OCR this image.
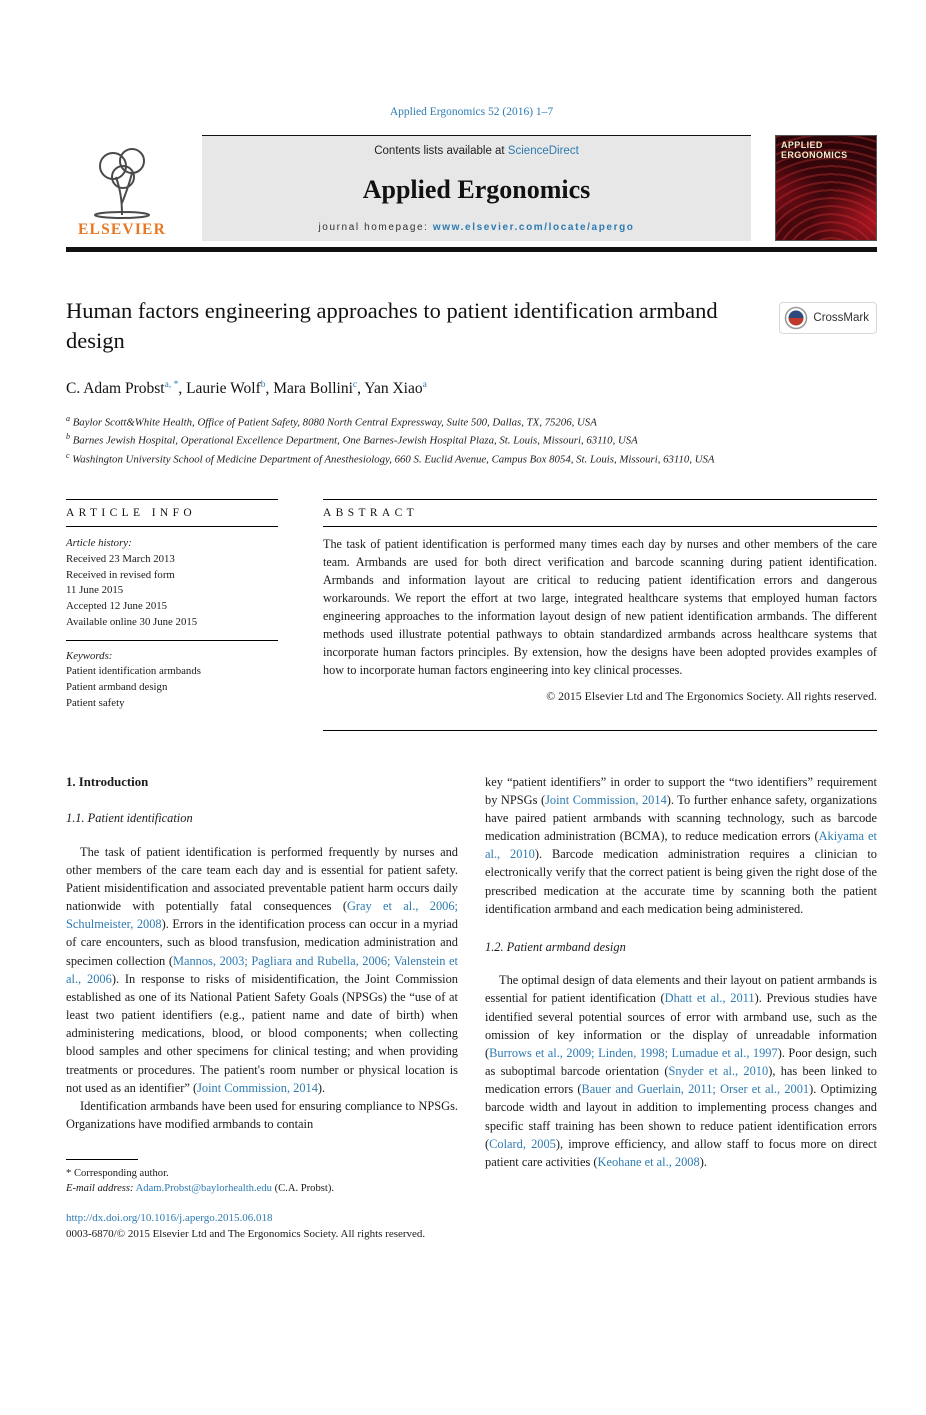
Applied Ergonomics 52 (2016) 1–7
ELSEVIER
Contents lists available at ScienceDirect
Applied Ergonomics
journal homepage: www.elsevier.com/locate/apergo
APPLIED
ERGONOMICS
Human factors engineering approaches to patient identification armband design
CrossMark
C. Adam Probst$^{a, *}$, Laurie Wolf$^b$, Mara Bollini$^c$, Yan Xiao$^a$
$^a$ Baylor Scott&White Health, Office of Patient Safety, 8080 North Central Expressway, Suite 500, Dallas, TX, 75206, USA
$^b$ Barnes Jewish Hospital, Operational Excellence Department, One Barnes-Jewish Hospital Plaza, St. Louis, Missouri, 63110, USA
$^c$ Washington University School of Medicine Department of Anesthesiology, 660 S. Euclid Avenue, Campus Box 8054, St. Louis, Missouri, 63110, USA
ARTICLE INFO
Article history:
Received 23 March 2013
Received in revised form
11 June 2015
Accepted 12 June 2015
Available online 30 June 2015
Keywords:
Patient identification armbands
Patient armband design
Patient safety
ABSTRACT

The task of patient identification is performed many times each day by nurses and other members of the care team. Armbands are used for both direct verification and barcode scanning during patient identification. Armbands and information layout are critical to reducing patient identification errors and dangerous workarounds. We report the effort at two large, integrated healthcare systems that employed human factors engineering approaches to the information layout design of new patient identification armbands. The different methods used illustrate potential pathways to obtain standardized armbands across healthcare systems that incorporate human factors principles. By extension, how the designs have been adopted provides examples of how to incorporate human factors engineering into key clinical processes.

© 2015 Elsevier Ltd and The Ergonomics Society. All rights reserved.
1. Introduction
1.1. Patient identification

The task of patient identification is performed frequently by nurses and other members of the care team each day and is essential for patient safety. Patient misidentification and associated preventable patient harm occurs daily nationwide with potentially fatal consequences (Gray et al., 2006; Schulmeister, 2008). Errors in the identification process can occur in a myriad of care encounters, such as blood transfusion, medication administration and specimen collection (Mannos, 2003; Pagliara and Rubella, 2006; Valenstein et al., 2006). In response to risks of misidentification, the Joint Commission established as one of its National Patient Safety Goals (NPSGs) the “use of at least two patient identifiers (e.g., patient name and date of birth) when administering medications, blood, or blood components; when collecting blood samples and other specimens for clinical testing; and when providing treatments or procedures. The patient's room number or physical location is not used as an identifier” (Joint Commission, 2014).

Identification armbands have been used for ensuring compliance to NPSGs. Organizations have modified armbands to contain

* Corresponding author.
E-mail address: Adam.Probst@baylorhealth.edu (C.A. Probst).

key “patient identifiers” in order to support the “two identifiers” requirement by NPSGs (Joint Commission, 2014). To further enhance safety, organizations have paired patient armbands with scanning technology, such as barcode medication administration (BCMA), to reduce medication errors (Akiyama et al., 2010). Barcode medication administration requires a clinician to electronically verify that the correct patient is being given the right dose of the prescribed medication at the accurate time by scanning both the patient identification armband and each medication being administered.

1.2. Patient armband design

The optimal design of data elements and their layout on patient armbands is essential for patient identification (Dhatt et al., 2011). Previous studies have identified several potential sources of error with armband use, such as the omission of key information or the display of unreadable information (Burrows et al., 2009; Linden, 1998; Lumadue et al., 1997). Poor design, such as suboptimal barcode orientation (Snyder et al., 2010), has been linked to medication errors (Bauer and Guerlain, 2011; Orser et al., 2001). Optimizing barcode width and layout in addition to implementing process changes and specific staff training has been shown to reduce patient identification errors (Colard, 2005), improve efficiency, and allow staff to focus more on direct patient care activities (Keohane et al., 2008).

http://dx.doi.org/10.1016/j.apergo.2015.06.018
0003-6870/© 2015 Elsevier Ltd and The Ergonomics Society. All rights reserved.
